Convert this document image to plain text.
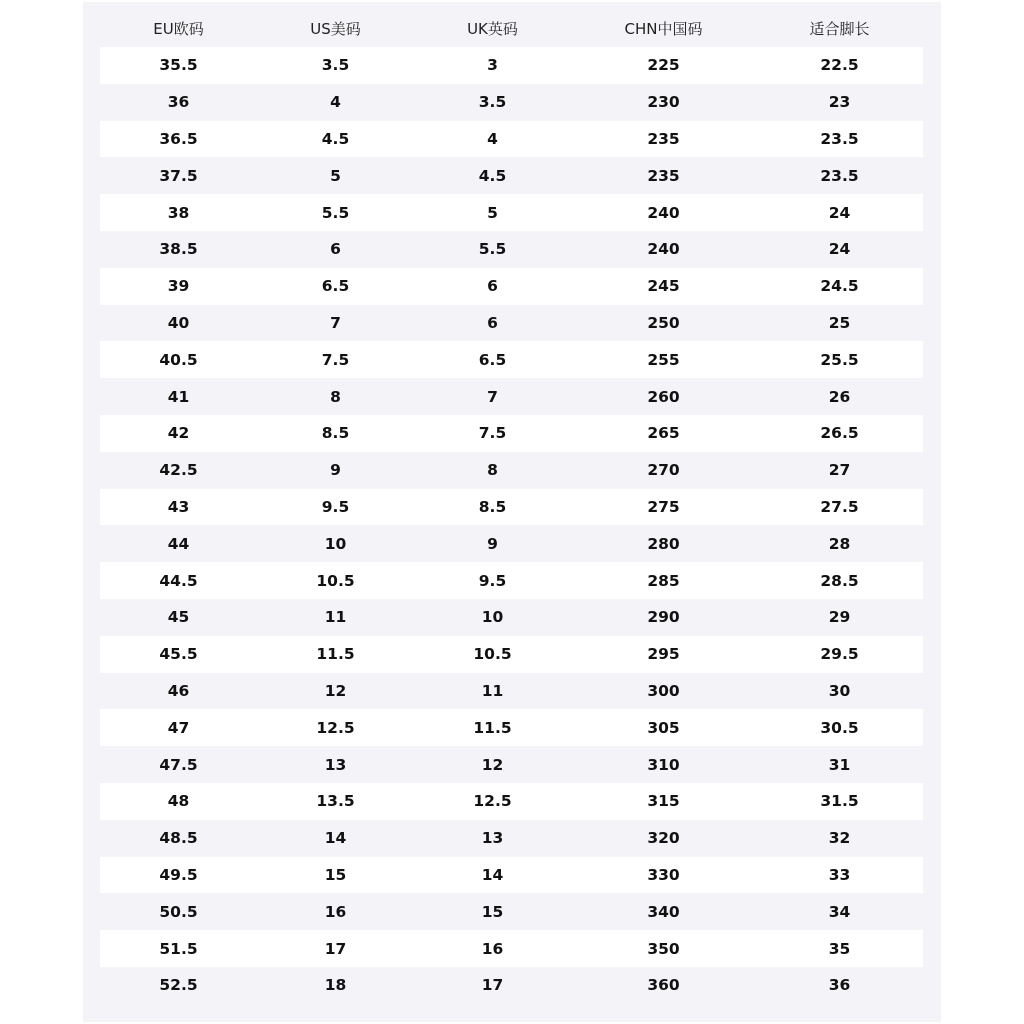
EU欧码	US美码	UK英码	CHN中国码	适合脚长
35.5	3.5	3	225	22.5
36	4	3.5	230	23
36.5	4.5	4	235	23.5
37.5	5	4.5	235	23.5
38	5.5	5	240	24
38.5	6	5.5	240	24
39	6.5	6	245	24.5
40	7	6	250	25
40.5	7.5	6.5	255	25.5
41	8	7	260	26
42	8.5	7.5	265	26.5
42.5	9	8	270	27
43	9.5	8.5	275	27.5
44	10	9	280	28
44.5	10.5	9.5	285	28.5
45	11	10	290	29
45.5	11.5	10.5	295	29.5
46	12	11	300	30
47	12.5	11.5	305	30.5
47.5	13	12	310	31
48	13.5	12.5	315	31.5
48.5	14	13	320	32
49.5	15	14	330	33
50.5	16	15	340	34
51.5	17	16	350	35
52.5	18	17	360	36
